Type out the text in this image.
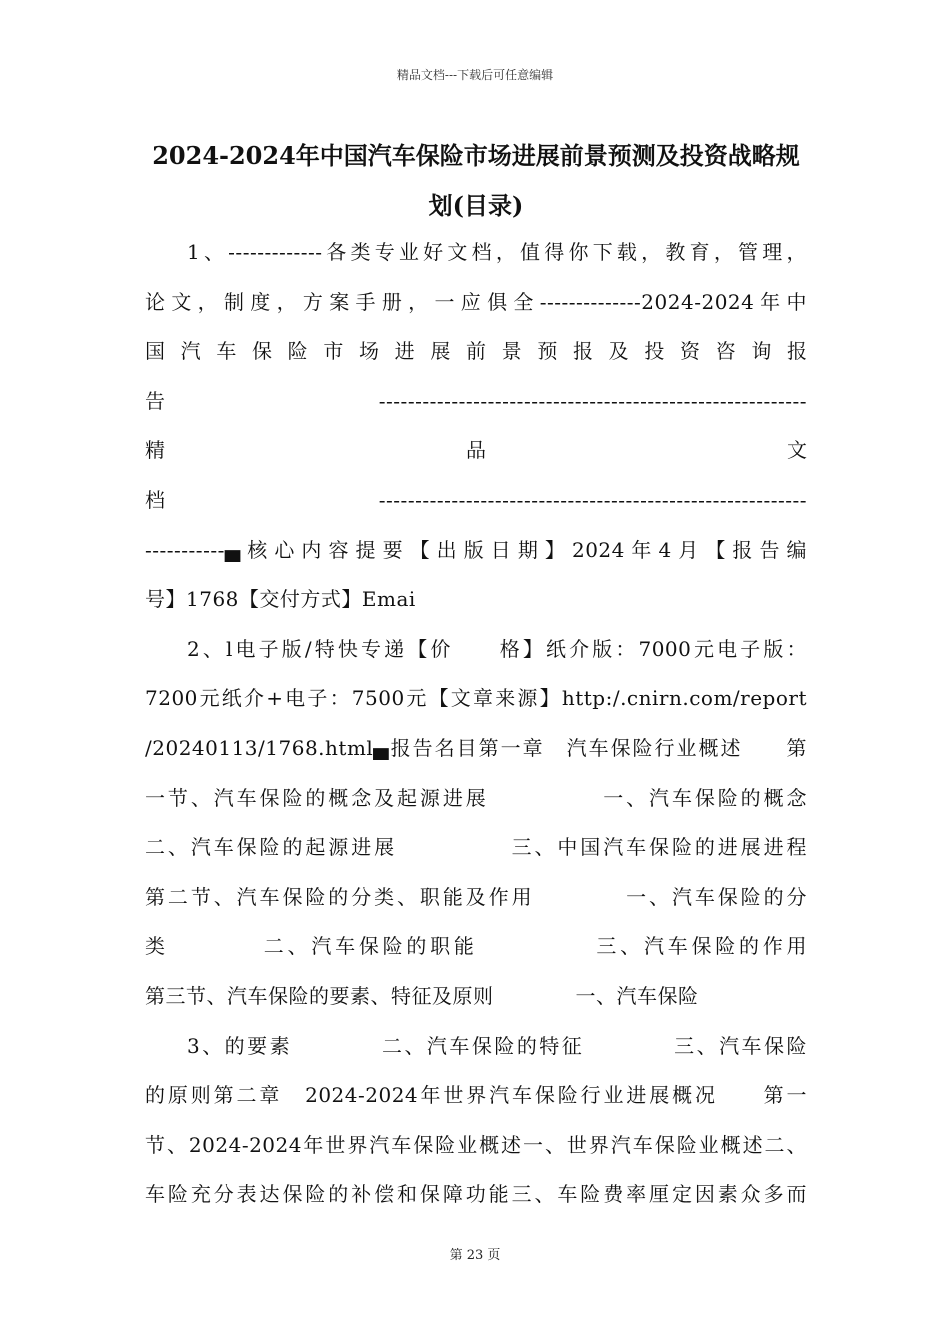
精品文档---下载后可任意编辑
2024-2024年中国汽车保险市场进展前景预测及投资战略规
划(目录)
1、-------------各类专业好文档，值得你下载，教育，管理，
论文，制度，方案手册，一应俱全--------------2024-2024年中
国汽车保险市场进展前景预报及投资咨询报
告-----------------------------------------------------------
精品文
档-----------------------------------------------------------
-----------▄核心内容提要【出版日期】2024年4月【报告编
号】1768【交付方式】Emai
2、l电子版/特快专递【价　　格】纸介版：7000元电子版：
7200元纸介+电子：7500元【文章来源】http:/.cnirn.com/report
/20240113/1768.html▄报告名目第一章　汽车保险行业概述　　第
一节、汽车保险的概念及起源进展　　　　　一、汽车保险的概念
二、汽车保险的起源进展　　　　　三、中国汽车保险的进展进程
第二节、汽车保险的分类、职能及作用　　　　一、汽车保险的分
类　　　　二、汽车保险的职能　　　　　三、汽车保险的作用
第三节、汽车保险的要素、特征及原则　　　　一、汽车保险
3、的要素　　　　二、汽车保险的特征　　　　三、汽车保险
的原则第二章　2024-2024年世界汽车保险行业进展概况　　第一
节、2024-2024年世界汽车保险业概述一、世界汽车保险业概述二、
车险充分表达保险的补偿和保障功能三、车险费率厘定因素众多而
第 23 页
